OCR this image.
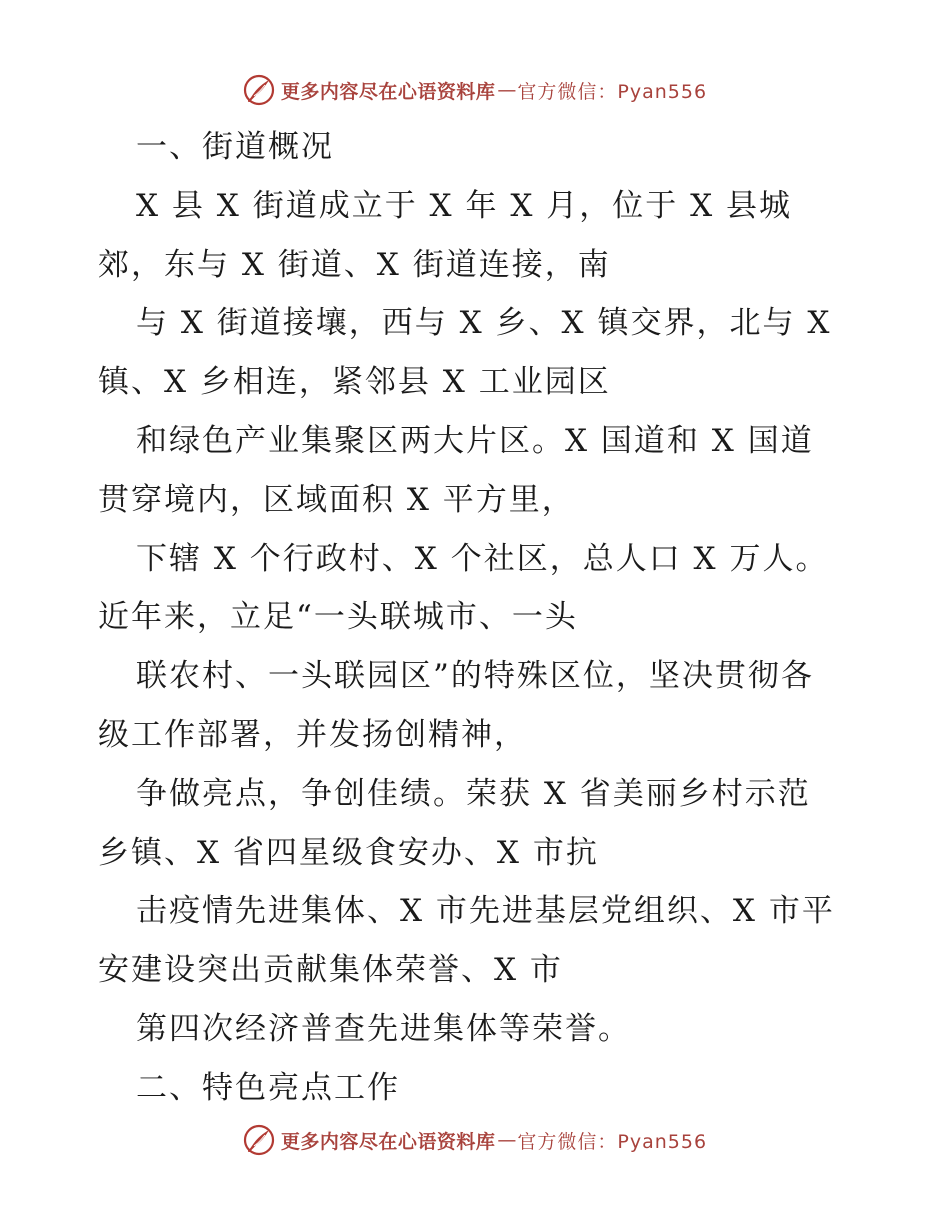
更多内容尽在心语资料库 — 官方微信：Pyan556
一、街道概况
X 县 X 街道成立于 X 年 X 月，位于 X 县城
郊，东与 X 街道、X 街道连接，南
与 X 街道接壤，西与 X 乡、X 镇交界，北与 X
镇、X 乡相连，紧邻县 X 工业园区
和绿色产业集聚区两大片区。X 国道和 X 国道
贯穿境内，区域面积 X 平方里，
下辖 X 个行政村、X 个社区，总人口 X 万人。
近年来，立足“一头联城市、一头
联农村、一头联园区”的特殊区位，坚决贯彻各
级工作部署，并发扬创精神，
争做亮点，争创佳绩。荣获 X 省美丽乡村示范
乡镇、X 省四星级食安办、X 市抗
击疫情先进集体、X 市先进基层党组织、X 市平
安建设突出贡献集体荣誉、X 市
第四次经济普查先进集体等荣誉。
二、特色亮点工作
更多内容尽在心语资料库 — 官方微信：Pyan556
